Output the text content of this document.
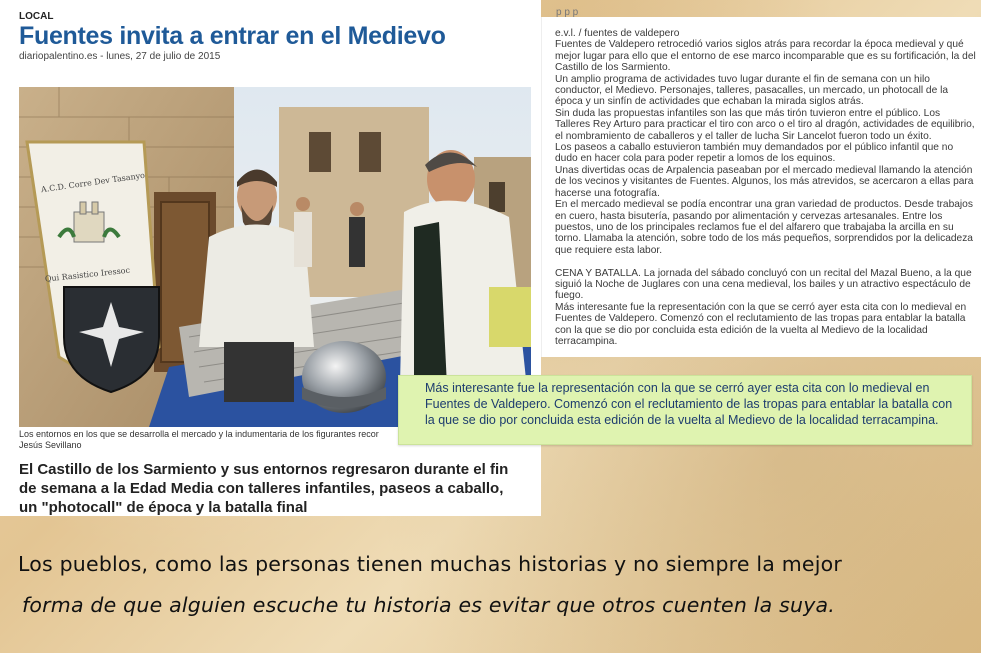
LOCAL
Fuentes invita a entrar en el Medievo
diariopalentino.es - lunes, 27 de julio de 2015
A.C.D. Corre Dev Tasanyo
Qui Rasistico Iressoc
Los entornos en los que se desarrolla el mercado y la indumentaria de los figurantes recor
Jesús Sevillano
El Castillo de los Sarmiento y sus entornos regresaron durante el fin de semana a la Edad Media con talleres infantiles, paseos a caballo, un "photocall" de época y la batalla final
p p p

e.v.l. / fuentes de valdepero

Fuentes de Valdepero retrocedió varios siglos atrás para recordar la época medieval y qué mejor lugar para ello que el entorno de ese marco incomparable que es su fortificación, la del Castillo de los Sarmiento.

Un amplio programa de actividades tuvo lugar durante el fin de semana con un hilo conductor, el Medievo. Personajes, talleres, pasacalles, un mercado, un photocall de la época y un sinfín de actividades que echaban la mirada siglos atrás.

Sin duda las propuestas infantiles son las que más tirón tuvieron entre el público. Los Talleres Rey Arturo para practicar el tiro con arco o el tiro al dragón, actividades de equilibrio, el nombramiento de caballeros y el taller de lucha Sir Lancelot fueron todo un éxito.

Los paseos a caballo estuvieron también muy demandados por el público infantil que no dudo en hacer cola para poder repetir a lomos de los equinos.

Unas divertidas ocas de Arpalencia paseaban por el mercado medieval llamando la atención de los vecinos y visitantes de Fuentes. Algunos, los más atrevidos, se acercaron a ellas para hacerse una fotografía.

En el mercado medieval se podía encontrar una gran variedad de productos. Desde trabajos en cuero, hasta bisutería, pasando por alimentación y cervezas artesanales. Entre los puestos, uno de los principales reclamos fue el del alfarero que trabajaba la arcilla en su torno. Llamaba la atención, sobre todo de los más pequeños, sorprendidos por la delicadeza que requiere esta labor.

CENA Y BATALLA. La jornada del sábado concluyó con un recital del Mazal Bueno, a la que siguió la Noche de Juglares con una cena medieval, los bailes y un atractivo espectáculo de fuego.

Más interesante fue la representación con la que se cerró ayer esta cita con lo medieval en Fuentes de Valdepero. Comenzó con el reclutamiento de las tropas para entablar la batalla con la que se dio por concluida esta edición de la vuelta al Medievo de la localidad terracampina.

Más interesante fue la representación con la que se cerró ayer esta cita con lo medieval en Fuentes de Valdepero. Comenzó con el reclutamiento de las tropas para entablar la batalla con la que se dio por concluida esta edición de la vuelta al Medievo de la localidad terracampina.
Los pueblos, como las personas tienen muchas historias y no siempre la mejor
forma de que alguien escuche tu historia es evitar que otros cuenten la suya.
